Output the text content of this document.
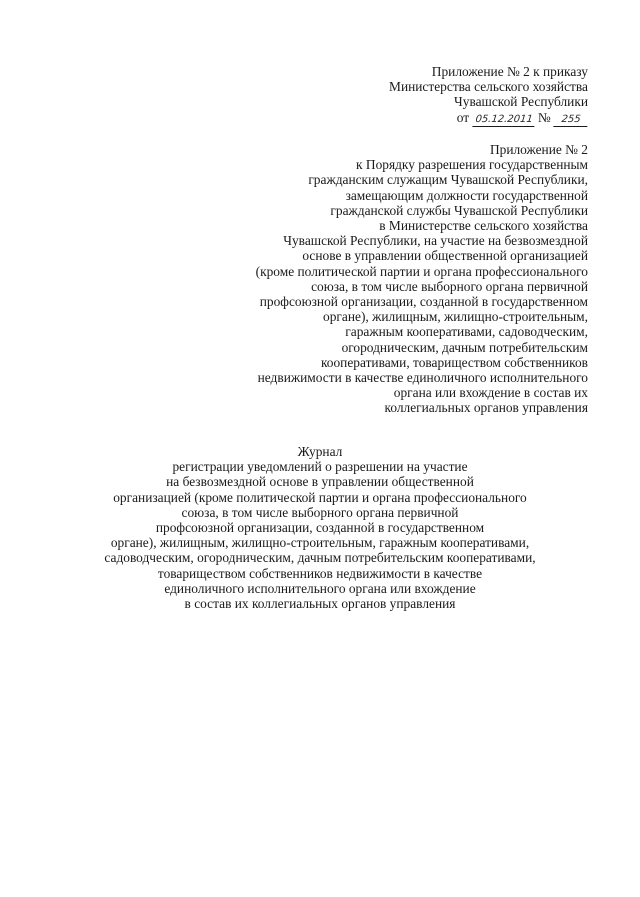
Приложение № 2 к приказу
Министерства сельского хозяйства
Чувашской Республики
от 05.12.2011 № 255
Приложение № 2
к Порядку разрешения государственным
гражданским служащим Чувашской Республики,
замещающим должности государственной
гражданской службы Чувашской Республики
в Министерстве сельского хозяйства
Чувашской Республики, на участие на безвозмездной
основе в управлении общественной организацией
(кроме политической партии и органа профессионального
союза, в том числе выборного органа первичной
профсоюзной организации, созданной в государственном
органе), жилищным, жилищно-строительным,
гаражным кооперативами, садоводческим,
огородническим, дачным потребительским
кооперативами, товариществом собственников
недвижимости в качестве единоличного исполнительного
органа или вхождение в состав их
коллегиальных органов управления
Журнал
регистрации уведомлений о разрешении на участие
на безвозмездной основе в управлении общественной
организацией (кроме политической партии и органа профессионального
союза, в том числе выборного органа первичной
профсоюзной организации, созданной в государственном
органе), жилищным, жилищно-строительным, гаражным кооперативами,
садоводческим, огородническим, дачным потребительским кооперативами,
товариществом собственников недвижимости в качестве
единоличного исполнительного органа или вхождение
в состав их коллегиальных органов управления
